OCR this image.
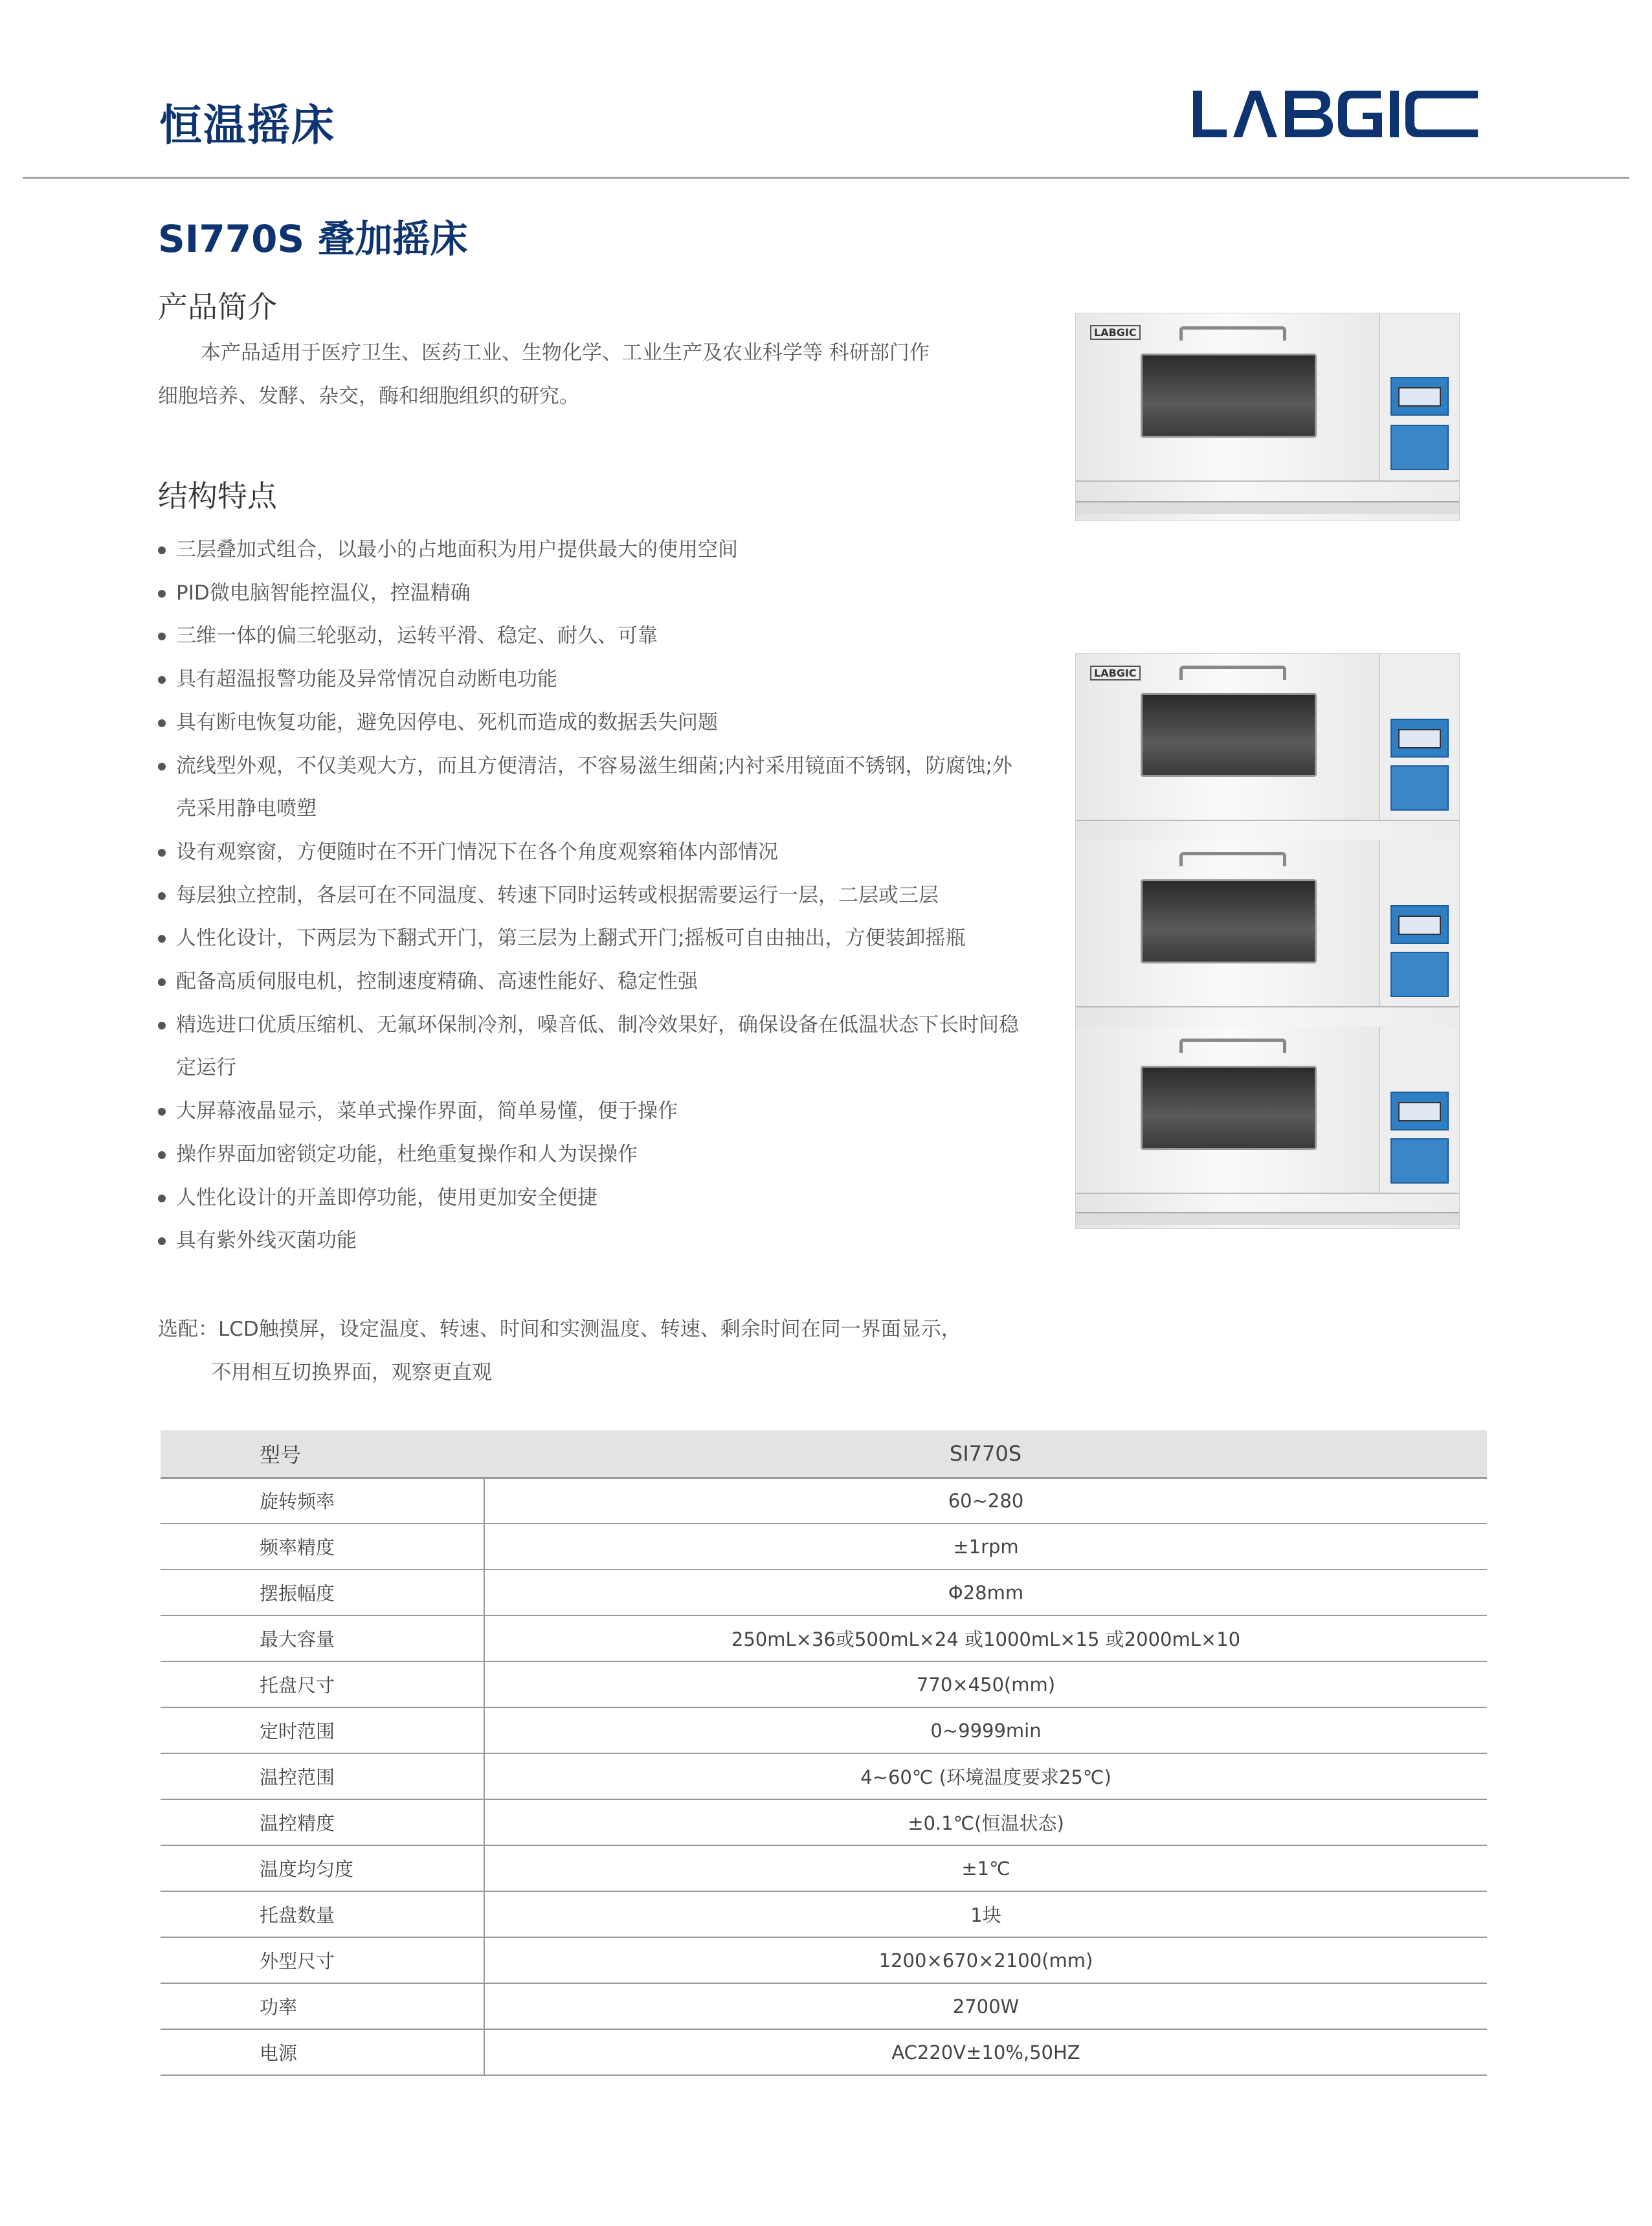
恒温摇床
SI770S 叠加摇床
产品简介
本产品适用于医疗卫生、医药工业、生物化学、工业生产及农业科学等 科研部门作
细胞培养、发酵、杂交，酶和细胞组织的研究。
结构特点
三层叠加式组合，以最小的占地面积为用户提供最大的使用空间
PID微电脑智能控温仪，控温精确
三维一体的偏三轮驱动，运转平滑、稳定、耐久、可靠
具有超温报警功能及异常情况自动断电功能
具有断电恢复功能，避免因停电、死机而造成的数据丢失问题
流线型外观，不仅美观大方，而且方便清洁，不容易滋生细菌;内衬采用镜面不锈钢，防腐蚀;外壳采用静电喷塑
设有观察窗，方便随时在不开门情况下在各个角度观察箱体内部情况
每层独立控制，各层可在不同温度、转速下同时运转或根据需要运行一层，二层或三层
人性化设计，下两层为下翻式开门，第三层为上翻式开门;摇板可自由抽出，方便装卸摇瓶
配备高质伺服电机，控制速度精确、高速性能好、稳定性强
精选进口优质压缩机、无氟环保制冷剂，噪音低、制冷效果好，确保设备在低温状态下长时间稳定运行
大屏幕液晶显示，菜单式操作界面，简单易懂，便于操作
操作界面加密锁定功能，杜绝重复操作和人为误操作
人性化设计的开盖即停功能，使用更加安全便捷
具有紫外线灭菌功能
选配：LCD触摸屏，设定温度、转速、时间和实测温度、转速、剩余时间在同一界面显示，
不用相互切换界面，观察更直观
型号	SI770S
旋转频率	60~280
频率精度	±1rpm
摆振幅度	Φ28mm
最大容量	250mL×36或500mL×24 或1000mL×15 或2000mL×10
托盘尺寸	770×450(mm)
定时范围	0~9999min
温控范围	4~60℃ (环境温度要求25℃)
温控精度	±0.1℃(恒温状态)
温度均匀度	±1℃
托盘数量	1块
外型尺寸	1200×670×2100(mm)
功率	2700W
电源	AC220V±10%,50HZ
LABGIC
LABGIC
